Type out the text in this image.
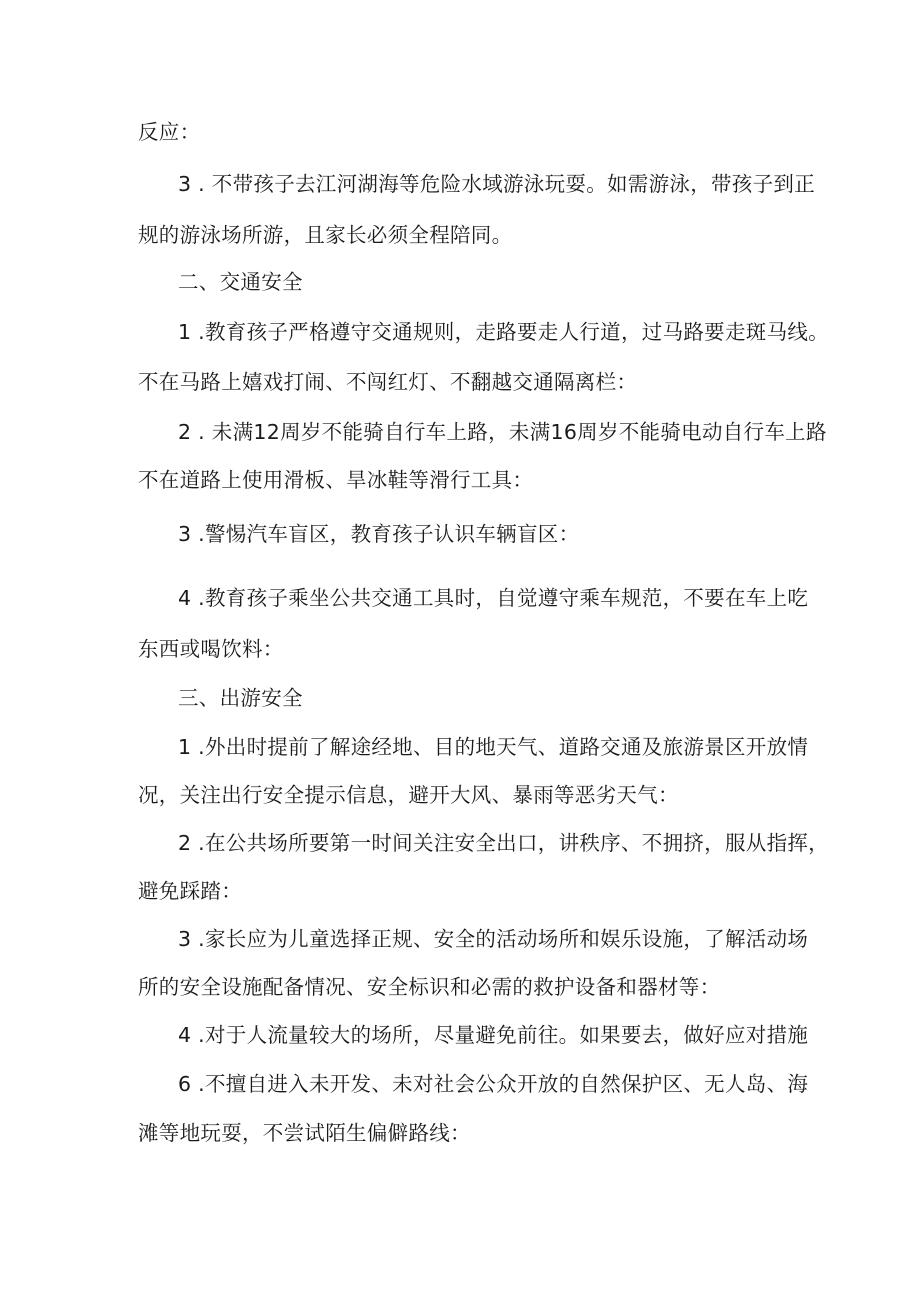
反应：
3 . 不带孩子去江河湖海等危险水域游泳玩耍。如需游泳，带孩子到正
规的游泳场所游，且家长必须全程陪同。
二、交通安全
1 .教育孩子严格遵守交通规则，走路要走人行道，过马路要走斑马线。
不在马路上嬉戏打闹、不闯红灯、不翻越交通隔离栏：
2 . 未满12周岁不能骑自行车上路，未满16周岁不能骑电动自行车上路
不在道路上使用滑板、旱冰鞋等滑行工具：
3 .警惕汽车盲区，教育孩子认识车辆盲区：
4 .教育孩子乘坐公共交通工具时，自觉遵守乘车规范，不要在车上吃
东西或喝饮料：
三、出游安全
1 .外出时提前了解途经地、目的地天气、道路交通及旅游景区开放情
况，关注出行安全提示信息，避开大风、暴雨等恶劣天气：
2 .在公共场所要第一时间关注安全出口，讲秩序、不拥挤，服从指挥，
避免踩踏：
3 .家长应为儿童选择正规、安全的活动场所和娱乐设施，了解活动场
所的安全设施配备情况、安全标识和必需的救护设备和器材等：
4 .对于人流量较大的场所，尽量避免前往。如果要去，做好应对措施
6 .不擅自进入未开发、未对社会公众开放的自然保护区、无人岛、海
滩等地玩耍，不尝试陌生偏僻路线：
